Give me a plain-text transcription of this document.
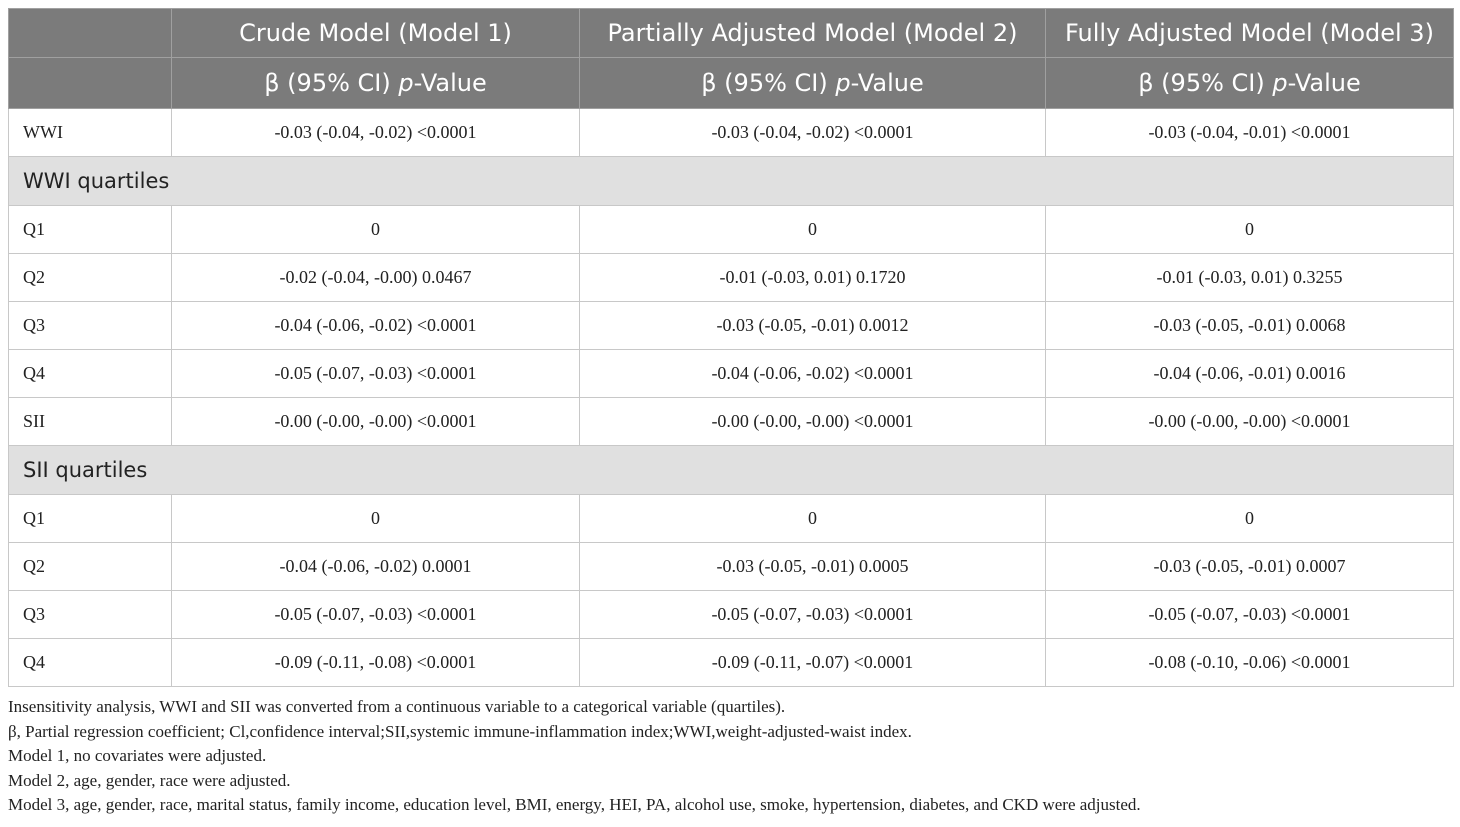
	Crude Model (Model 1)	Partially Adjusted Model (Model 2)	Fully Adjusted Model (Model 3)
	β (95% CI) p-Value	β (95% CI) p-Value	β (95% CI) p-Value
WWI	-0.03 (-0.04, -0.02) <0.0001	-0.03 (-0.04, -0.02) <0.0001	-0.03 (-0.04, -0.01) <0.0001
WWI quartiles			
Q1	0	0	0
Q2	-0.02 (-0.04, -0.00) 0.0467	-0.01 (-0.03, 0.01) 0.1720	-0.01 (-0.03, 0.01) 0.3255
Q3	-0.04 (-0.06, -0.02) <0.0001	-0.03 (-0.05, -0.01) 0.0012	-0.03 (-0.05, -0.01) 0.0068
Q4	-0.05 (-0.07, -0.03) <0.0001	-0.04 (-0.06, -0.02) <0.0001	-0.04 (-0.06, -0.01) 0.0016
SII	-0.00 (-0.00, -0.00) <0.0001	-0.00 (-0.00, -0.00) <0.0001	-0.00 (-0.00, -0.00) <0.0001
SII quartiles			
Q1	0	0	0
Q2	-0.04 (-0.06, -0.02) 0.0001	-0.03 (-0.05, -0.01) 0.0005	-0.03 (-0.05, -0.01) 0.0007
Q3	-0.05 (-0.07, -0.03) <0.0001	-0.05 (-0.07, -0.03) <0.0001	-0.05 (-0.07, -0.03) <0.0001
Q4	-0.09 (-0.11, -0.08) <0.0001	-0.09 (-0.11, -0.07) <0.0001	-0.08 (-0.10, -0.06) <0.0001
Insensitivity analysis, WWI and SII was converted from a continuous variable to a categorical variable (quartiles).
β, Partial regression coefficient; Cl,confidence interval;SII,systemic immune-inflammation index;WWI,weight-adjusted-waist index.
Model 1, no covariates were adjusted.
Model 2, age, gender, race were adjusted.
Model 3, age, gender, race, marital status, family income, education level, BMI, energy, HEI, PA, alcohol use, smoke, hypertension, diabetes, and CKD were adjusted.
